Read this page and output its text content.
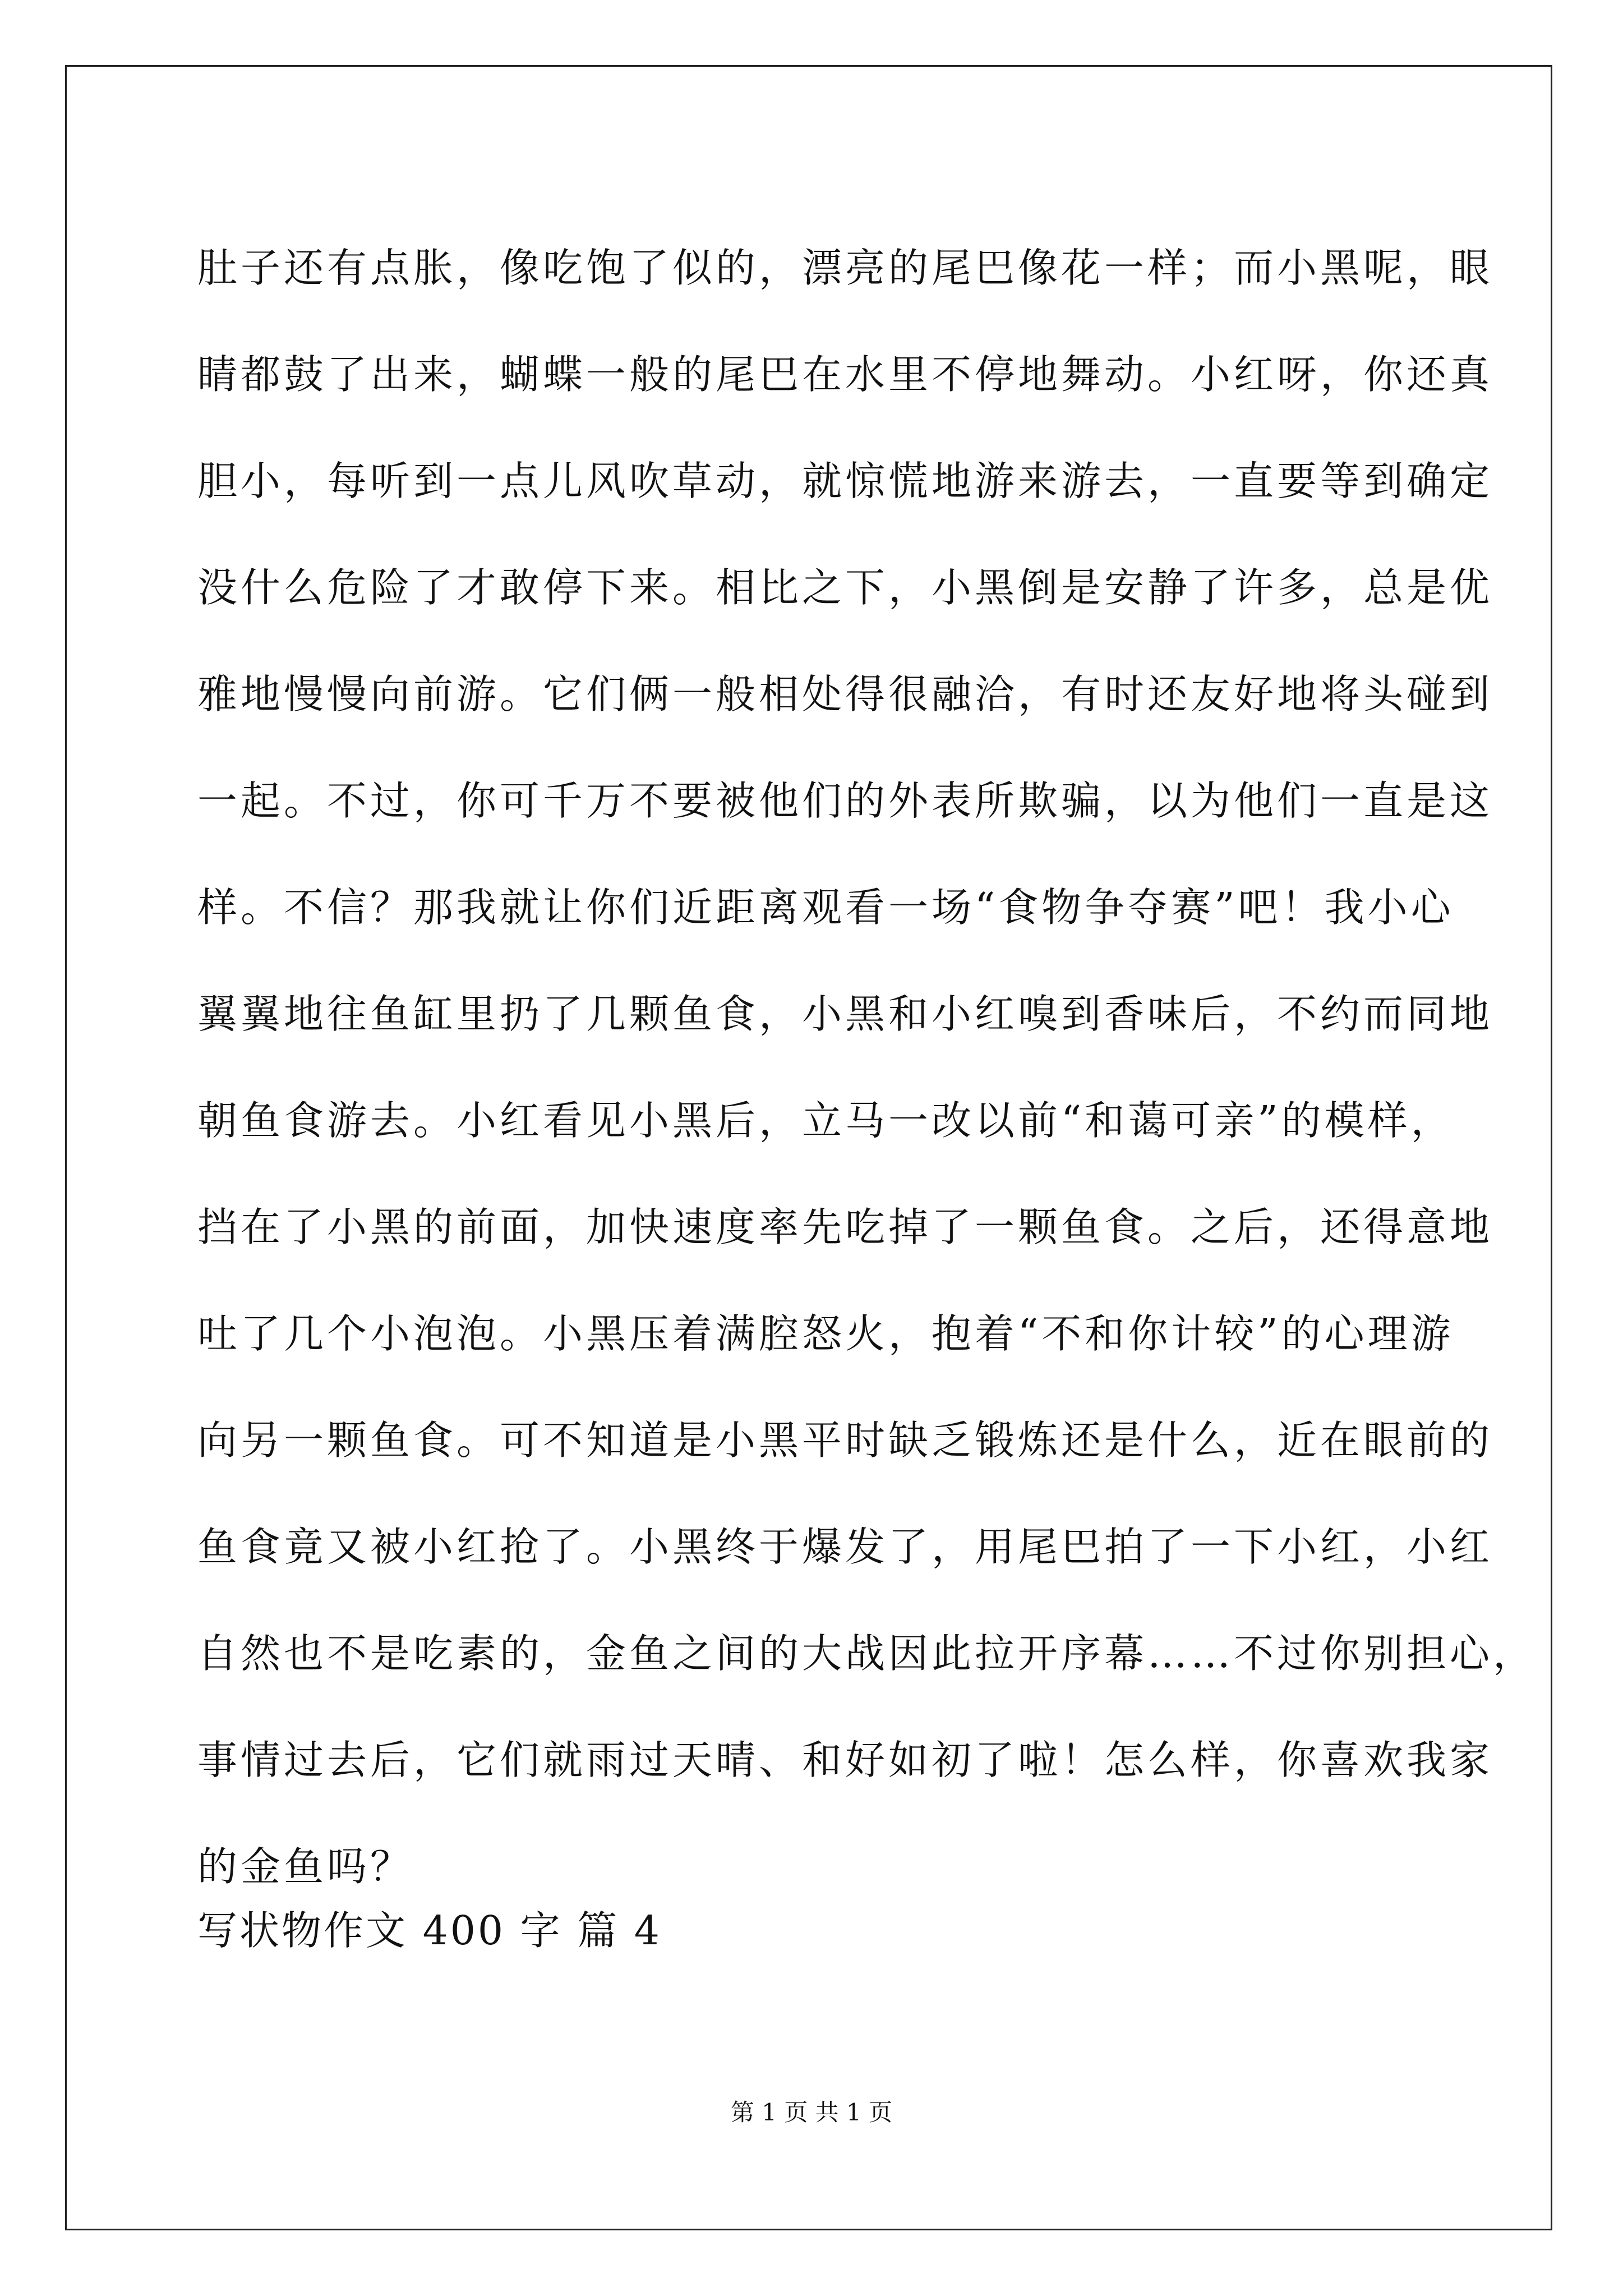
肚子还有点胀，像吃饱了似的，漂亮的尾巴像花一样；而小黑呢，眼
睛都鼓了出来，蝴蝶一般的尾巴在水里不停地舞动。小红呀，你还真
胆小，每听到一点儿风吹草动，就惊慌地游来游去，一直要等到确定
没什么危险了才敢停下来。相比之下，小黑倒是安静了许多，总是优
雅地慢慢向前游。它们俩一般相处得很融洽，有时还友好地将头碰到
一起。不过，你可千万不要被他们的外表所欺骗，以为他们一直是这
样。不信？那我就让你们近距离观看一场“食物争夺赛”吧！我小心
翼翼地往鱼缸里扔了几颗鱼食，小黑和小红嗅到香味后，不约而同地
朝鱼食游去。小红看见小黑后，立马一改以前“和蔼可亲”的模样，
挡在了小黑的前面，加快速度率先吃掉了一颗鱼食。之后，还得意地
吐了几个小泡泡。小黑压着满腔怒火，抱着“不和你计较”的心理游
向另一颗鱼食。可不知道是小黑平时缺乏锻炼还是什么，近在眼前的
鱼食竟又被小红抢了。小黑终于爆发了，用尾巴拍了一下小红，小红
自然也不是吃素的，金鱼之间的大战因此拉开序幕……不过你别担心，
事情过去后，它们就雨过天晴、和好如初了啦！怎么样，你喜欢我家
的金鱼吗？
写状物作文 400 字 篇 4
第 1 页 共 1 页
